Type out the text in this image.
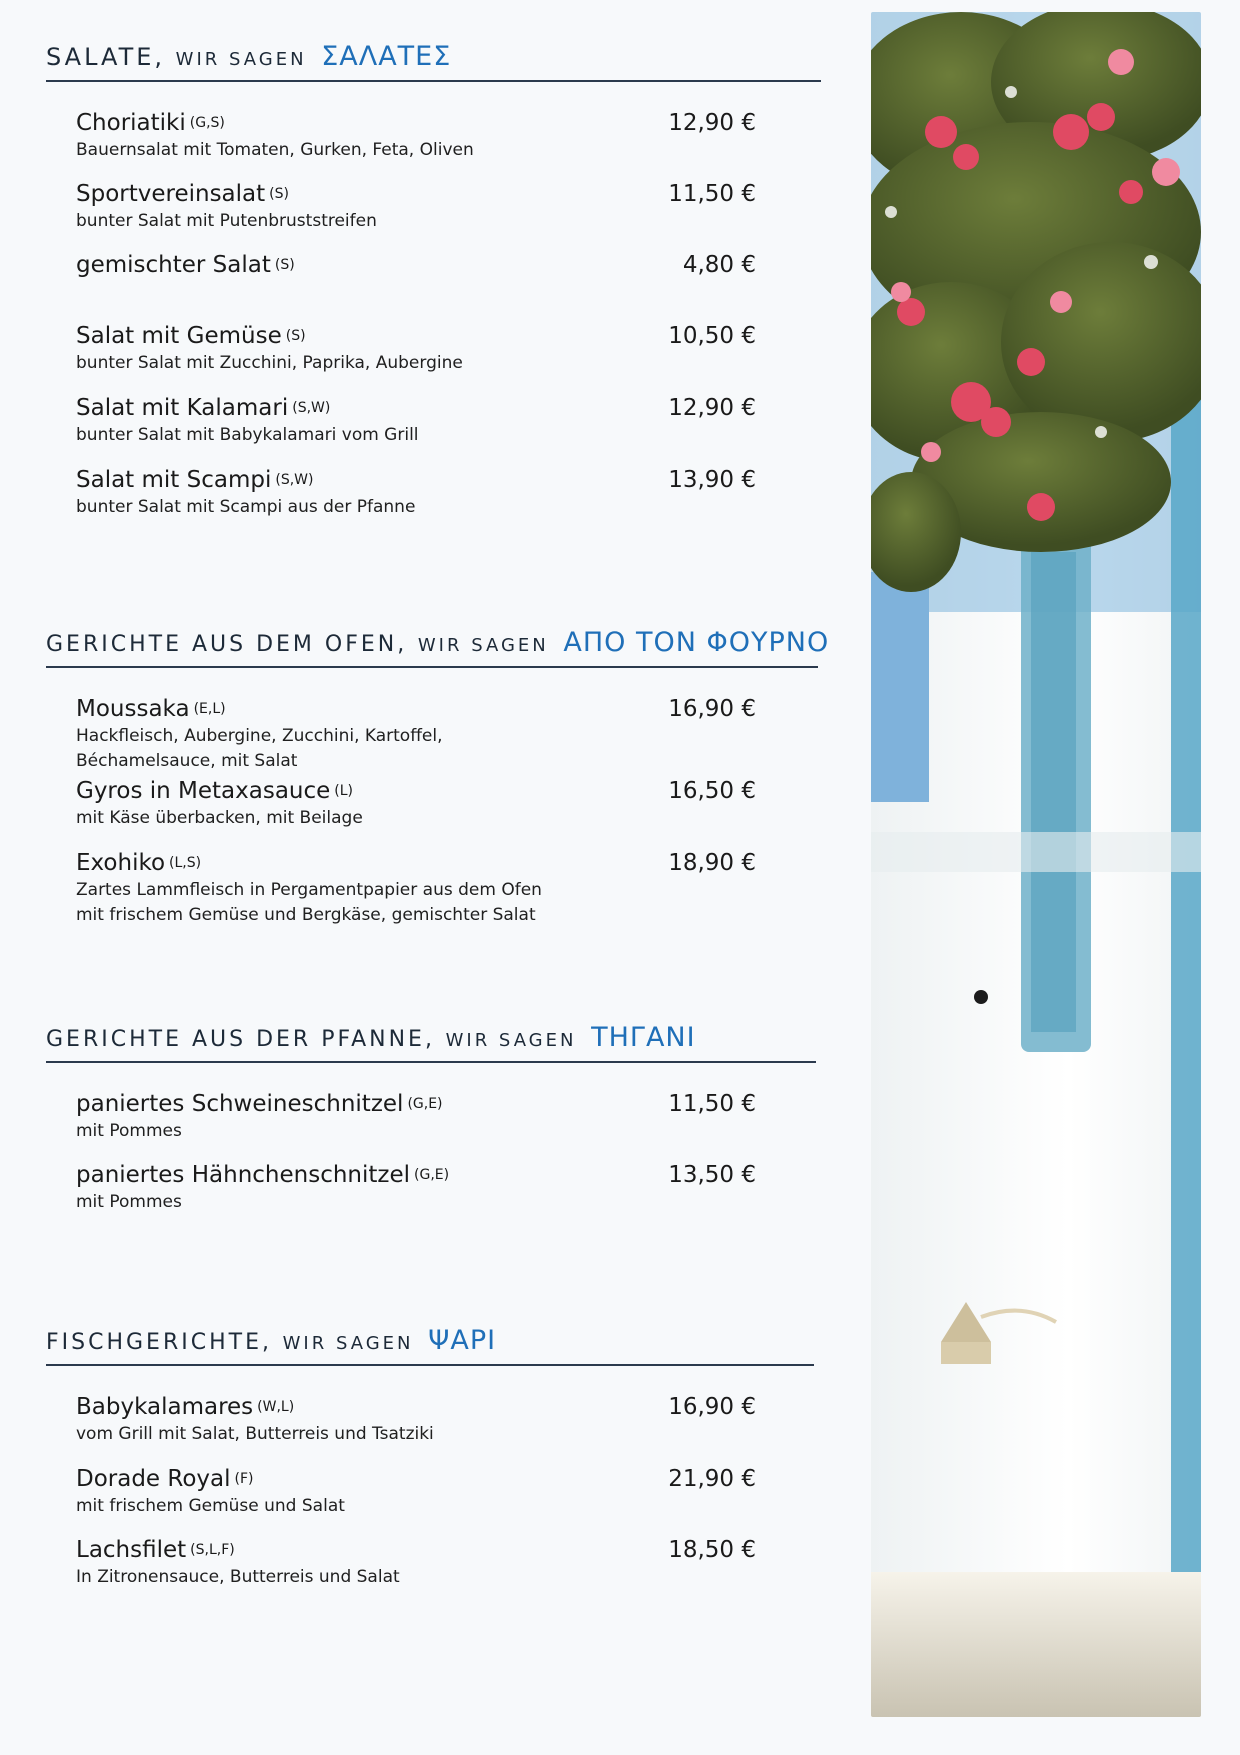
SALATE, WIR SAGEN ΣΑΛΑΤΕΣ
Choriatiki (G,S)
Bauernsalat mit Tomaten, Gurken, Feta, Oliven
12,90 €
Sportvereinsalat (S)
bunter Salat mit Putenbruststreifen
11,50 €
gemischter Salat (S)	4,80 €
Salat mit Gemüse (S)
bunter Salat mit Zucchini, Paprika, Aubergine
10,50 €
Salat mit Kalamari (S,W)
bunter Salat mit Babykalamari vom Grill
12,90 €
Salat mit Scampi (S,W)
bunter Salat mit Scampi aus der Pfanne
13,90 €
GERICHTE AUS DEM OFEN, WIR SAGEN ΑΠΟ ΤΟΝ ΦΟΥΡΝΟ
Moussaka (E,L)
Hackfleisch, Aubergine, Zucchini, Kartoffel,
Béchamelsauce, mit Salat
16,90 €
Gyros in Metaxasauce (L)
mit Käse überbacken, mit Beilage
16,50 €
Exohiko (L,S)
Zartes Lammfleisch in Pergamentpapier aus dem Ofen
mit frischem Gemüse und Bergkäse, gemischter Salat
18,90 €
GERICHTE AUS DER PFANNE, WIR SAGEN ΤΗΓΑΝΙ
paniertes Schweineschnitzel (G,E)
mit Pommes
11,50 €
paniertes Hähnchenschnitzel (G,E)
mit Pommes
13,50 €
FISCHGERICHTE, WIR SAGEN ΨΑΡΙ
Babykalamares (W,L)
vom Grill mit Salat, Butterreis und Tsatziki
16,90 €
Dorade Royal (F)
mit frischem Gemüse und Salat
21,90 €
Lachsfilet (S,L,F)
In Zitronensauce, Butterreis und Salat
18,50 €
